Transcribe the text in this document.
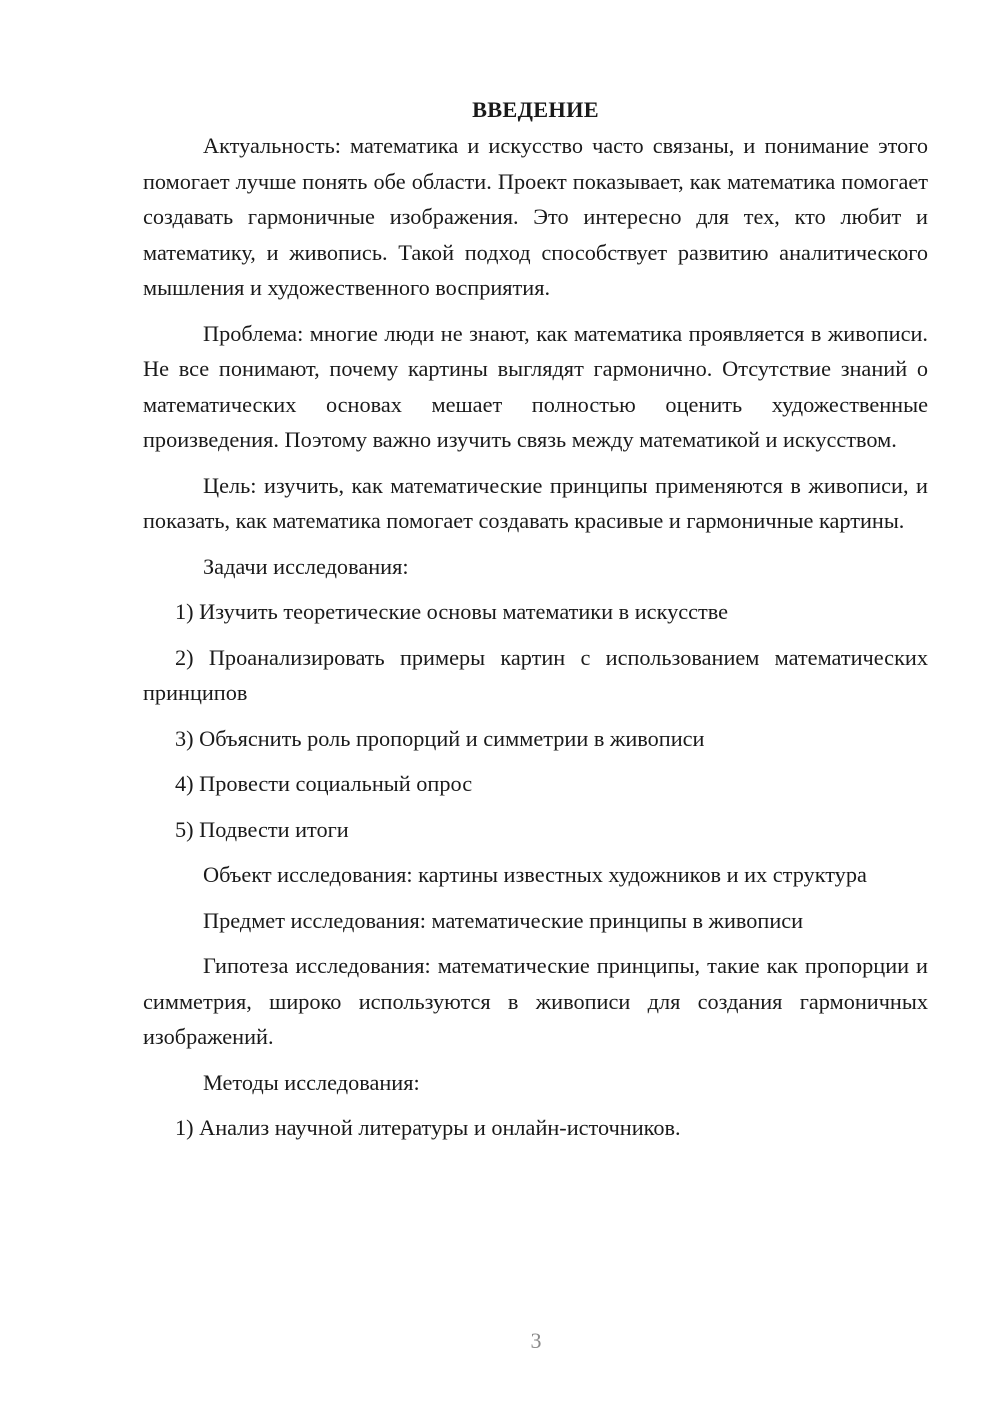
ВВЕДЕНИЕ

Актуальность: математика и искусство часто связаны, и понимание этого помогает лучше понять обе области. Проект показывает, как математика помогает создавать гармоничные изображения. Это интересно для тех, кто любит и математику, и живопись. Такой подход способствует развитию аналитического мышления и художественного восприятия.

Проблема: многие люди не знают, как математика проявляется в живописи. Не все понимают, почему картины выглядят гармонично. Отсутствие знаний о математических основах мешает полностью оценить художественные произведения. Поэтому важно изучить связь между математикой и искусством.

Цель: изучить, как математические принципы применяются в живописи, и показать, как математика помогает создавать красивые и гармоничные картины.

Задачи исследования:

1) Изучить теоретические основы математики в искусстве

2) Проанализировать примеры картин с использованием математических принципов

3) Объяснить роль пропорций и симметрии в живописи

4) Провести социальный опрос

5) Подвести итоги

Объект исследования: картины известных художников и их структура

Предмет исследования: математические принципы в живописи

Гипотеза исследования: математические принципы, такие как пропорции и симметрия, широко используются в живописи для создания гармоничных изображений.

Методы исследования:

1) Анализ научной литературы и онлайн-источников.

3
